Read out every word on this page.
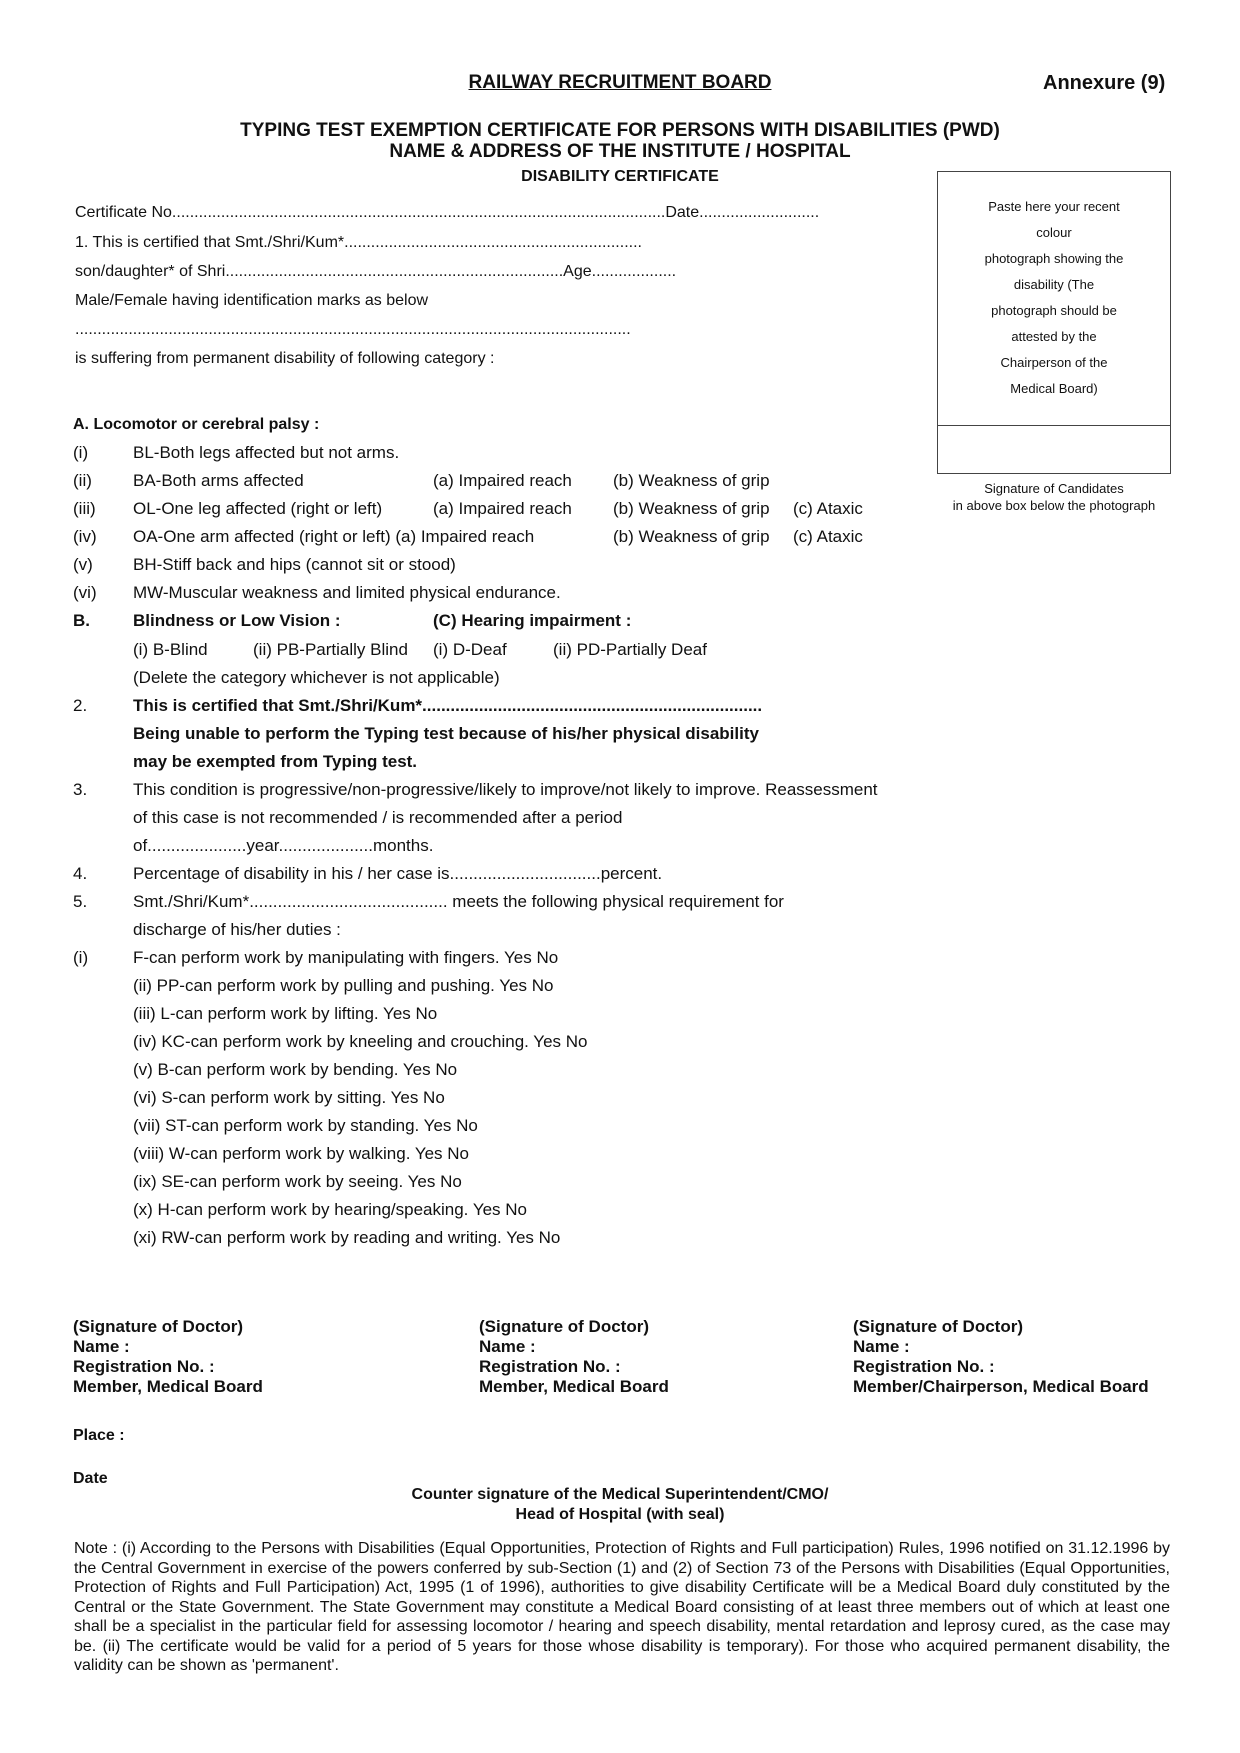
RAILWAY RECRUITMENT BOARD	Annexure (9)
TYPING TEST EXEMPTION CERTIFICATE FOR PERSONS WITH DISABILITIES (PWD)
NAME & ADDRESS OF THE INSTITUTE / HOSPITAL
DISABILITY CERTIFICATE
Paste here your recent
colour
photograph showing the
disability (The
photograph should be
attested by the
Chairperson of the
Medical Board)
Signature of Candidates
in above box below the photograph
Certificate No...............................................................................................................Date...........................
1. This is certified that Smt./Shri/Kum*...................................................................
son/daughter* of Shri............................................................................Age...................
Male/Female having identification marks as below
.............................................................................................................................
is suffering from permanent disability of following category :
A. Locomotor or cerebral palsy :
(i)	BL-Both legs affected but not arms.
(ii) BA-Both arms affected	(a) Impaired reach (b) Weakness of grip
(iii) OL-One leg affected (right or left)	(a) Impaired reach (b) Weakness of grip (c) Ataxic
(iv) OA-One arm affected (right or left) (a) Impaired reach	(b) Weakness of grip (c) Ataxic
(v) BH-Stiff back and hips (cannot sit or stood)
(vi) MW-Muscular weakness and limited physical endurance.
B.	Blindness or Low Vision :	(C) Hearing impairment :
(i) B-Blind	(ii) PB-Partially Blind (i) D-Deaf	(ii) PD-Partially Deaf
(Delete the category whichever is not applicable)
2.	This is certified that Smt./Shri/Kum*........................................................................
Being unable to perform the Typing test because of his/her physical disability
may be exempted from Typing test.
3.	This condition is progressive/non-progressive/likely to improve/not likely to improve. Reassessment
of this case is not recommended / is recommended after a period
of.....................year....................months.
4.	Percentage of disability in his / her case is................................percent.
5.	Smt./Shri/Kum*.......................................... meets the following physical requirement for
discharge of his/her duties :
(i)	F-can perform work by manipulating with fingers. Yes No
(ii) PP-can perform work by pulling and pushing. Yes No
(iii) L-can perform work by lifting. Yes No
(iv) KC-can perform work by kneeling and crouching. Yes No
(v) B-can perform work by bending. Yes No
(vi) S-can perform work by sitting. Yes No
(vii) ST-can perform work by standing. Yes No
(viii) W-can perform work by walking. Yes No
(ix) SE-can perform work by seeing. Yes No
(x) H-can perform work by hearing/speaking. Yes No
(xi) RW-can perform work by reading and writing. Yes No
(Signature of Doctor)
Name :
Registration No. :
Member, Medical Board
(Signature of Doctor)
Name :
Registration No. :
Member, Medical Board
(Signature of Doctor)
Name :
Registration No. :
Member/Chairperson, Medical Board
Place :
Date
Counter signature of the Medical Superintendent/CMO/
Head of Hospital (with seal)
Note : (i) According to the Persons with Disabilities (Equal Opportunities, Protection of Rights and Full participation) Rules, 1996 notified on 31.12.1996 by the Central Government in exercise of the powers conferred by sub-Section (1) and (2) of Section 73 of the Persons with Disabilities (Equal Opportunities, Protection of Rights and Full Participation) Act, 1995 (1 of 1996), authorities to give disability Certificate will be a Medical Board duly constituted by the Central or the State Government. The State Government may constitute a Medical Board consisting of at least three members out of which at least one shall be a specialist in the particular field for assessing locomotor / hearing and speech disability, mental retardation and leprosy cured, as the case may be. (ii) The certificate would be valid for a period of 5 years for those whose disability is temporary). For those who acquired permanent disability, the validity can be shown as 'permanent'.
